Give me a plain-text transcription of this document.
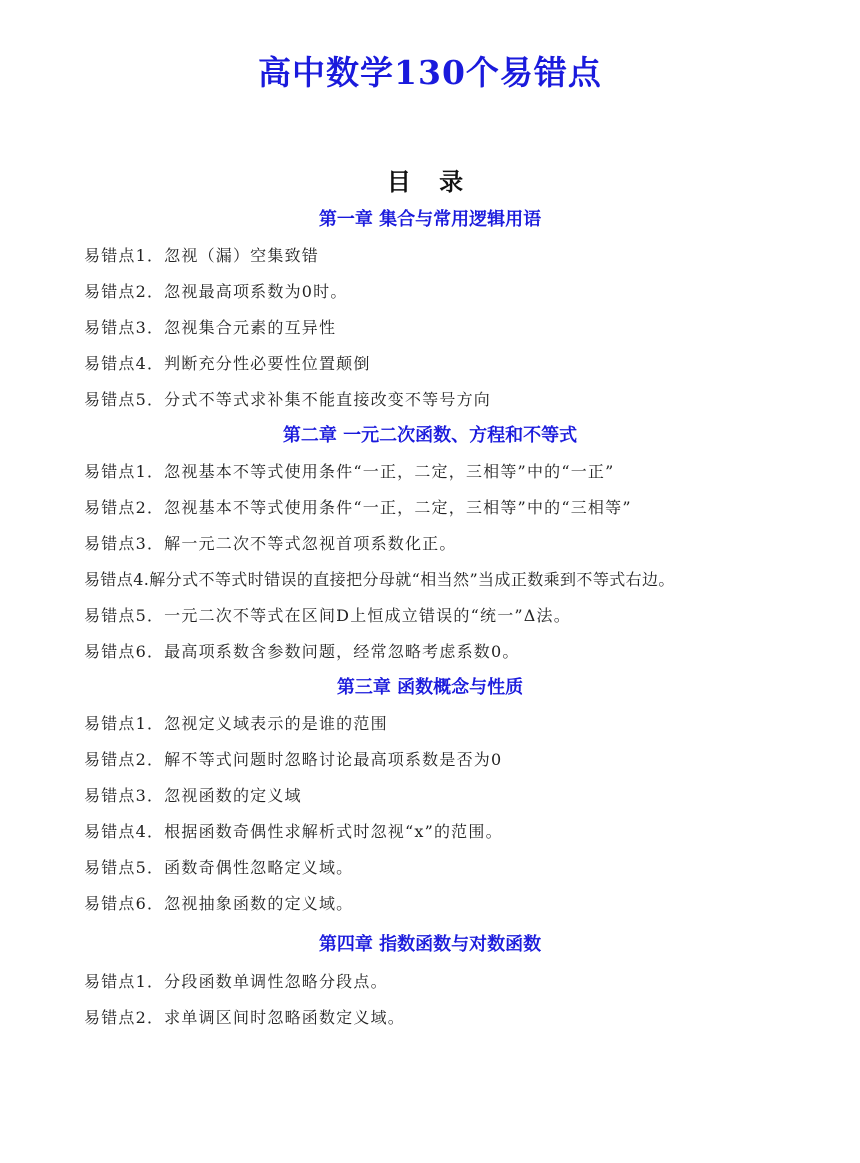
高中数学130个易错点
目 录
第一章 集合与常用逻辑用语
易错点1．忽视（漏）空集致错
易错点2．忽视最高项系数为0时。
易错点3．忽视集合元素的互异性
易错点4．判断充分性必要性位置颠倒
易错点5．分式不等式求补集不能直接改变不等号方向
第二章 一元二次函数、方程和不等式
易错点1．忽视基本不等式使用条件“一正，二定，三相等”中的“一正”
易错点2．忽视基本不等式使用条件“一正，二定，三相等”中的“三相等”
易错点3．解一元二次不等式忽视首项系数化正。
易错点4.解分式不等式时错误的直接把分母就“相当然”当成正数乘到不等式右边。
易错点5．一元二次不等式在区间D上恒成立错误的“统一”Δ法。
易错点6．最高项系数含参数问题，经常忽略考虑系数0。
第三章 函数概念与性质
易错点1．忽视定义域表示的是谁的范围
易错点2．解不等式问题时忽略讨论最高项系数是否为0
易错点3．忽视函数的定义域
易错点4．根据函数奇偶性求解析式时忽视“x”的范围。
易错点5．函数奇偶性忽略定义域。
易错点6．忽视抽象函数的定义域。
第四章 指数函数与对数函数
易错点1．分段函数单调性忽略分段点。
易错点2．求单调区间时忽略函数定义域。
